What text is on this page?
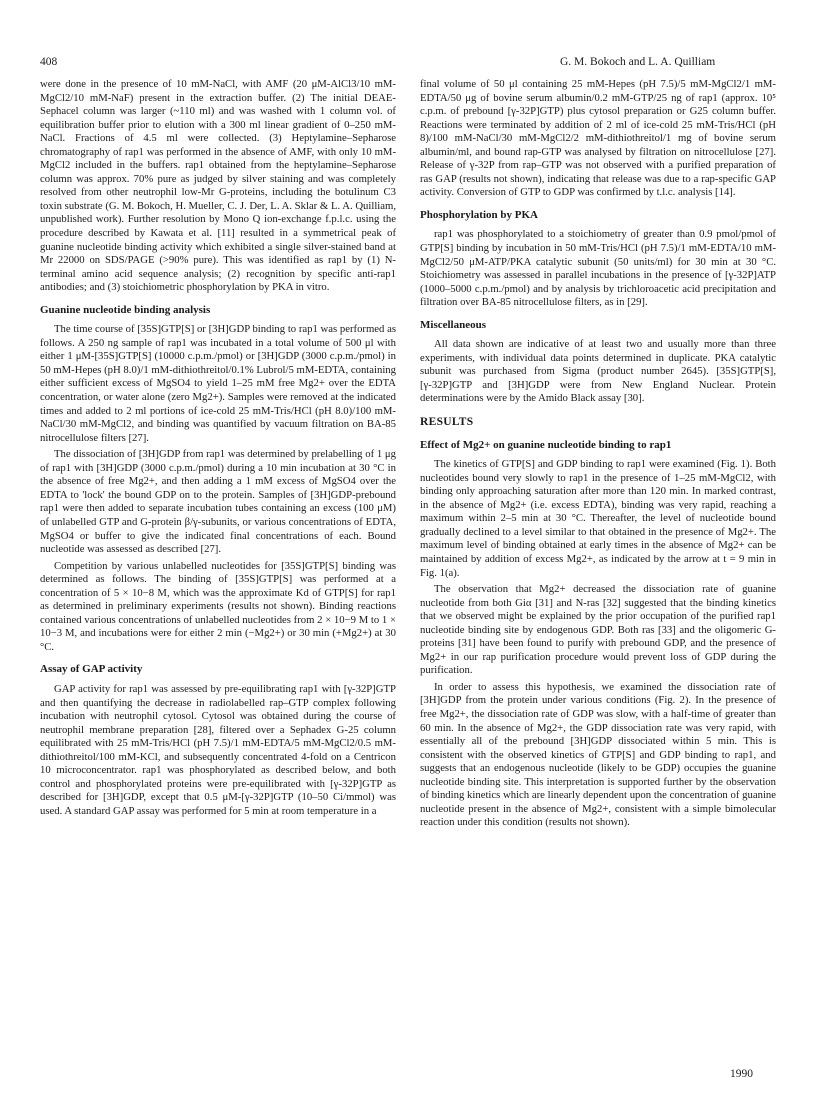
408	G. M. Bokoch and L. A. Quilliam

were done in the presence of 10 mM-NaCl, with AMF (20 μM-AlCl3/10 mM-MgCl2/10 mM-NaF) present in the extraction buffer. (2) The initial DEAE-Sephacel column was larger (~110 ml) and was washed with 1 column vol. of equilibration buffer prior to elution with a 300 ml linear gradient of 0–250 mM-NaCl. Fractions of 4.5 ml were collected. (3) Heptylamine–Sepharose chromatography of rap1 was performed in the absence of AMF, with only 10 mM-MgCl2 included in the buffers. rap1 obtained from the heptylamine–Sepharose column was approx. 70% pure as judged by silver staining and was completely resolved from other neutrophil low-Mr G-proteins, including the botulinum C3 toxin substrate (G. M. Bokoch, H. Mueller, C. J. Der, L. A. Sklar & L. A. Quilliam, unpublished work). Further resolution by Mono Q ion-exchange f.p.l.c. using the procedure described by Kawata et al. [11] resulted in a symmetrical peak of guanine nucleotide binding activity which exhibited a single silver-stained band at Mr 22000 on SDS/PAGE (>90% pure). This was identified as rap1 by (1) N-terminal amino acid sequence analysis; (2) recognition by specific anti-rap1 antibodies; and (3) stoichiometric phosphorylation by PKA in vitro.

Guanine nucleotide binding analysis

The time course of [35S]GTP[S] or [3H]GDP binding to rap1 was performed as follows. A 250 ng sample of rap1 was incubated in a total volume of 500 μl with either 1 μM-[35S]GTP[S] (10000 c.p.m./pmol) or [3H]GDP (3000 c.p.m./pmol) in 50 mM-Hepes (pH 8.0)/1 mM-dithiothreitol/0.1% Lubrol/5 mM-EDTA, containing either sufficient excess of MgSO4 to yield 1–25 mM free Mg2+ over the EDTA concentration, or water alone (zero Mg2+). Samples were removed at the indicated times and added to 2 ml portions of ice-cold 25 mM-Tris/HCl (pH 8.0)/100 mM-NaCl/30 mM-MgCl2, and binding was quantified by vacuum filtration on BA-85 nitrocellulose filters [27].

The dissociation of [3H]GDP from rap1 was determined by prelabelling of 1 μg of rap1 with [3H]GDP (3000 c.p.m./pmol) during a 10 min incubation at 30 °C in the absence of free Mg2+, and then adding a 1 mM excess of MgSO4 over the EDTA to 'lock' the bound GDP on to the protein. Samples of [3H]GDP-prebound rap1 were then added to separate incubation tubes containing an excess (100 μM) of unlabelled GTP and G-protein β/γ-subunits, or various concentrations of EDTA, MgSO4 or buffer to give the indicated final concentrations of each. Bound nucleotide was assessed as described [27].

Competition by various unlabelled nucleotides for [35S]GTP[S] binding was determined as follows. The binding of [35S]GTP[S] was performed at a concentration of 5 × 10−8 M, which was the approximate Kd of GTP[S] for rap1 as determined in preliminary experiments (results not shown). Binding reactions contained various concentrations of unlabelled nucleotides from 2 × 10−9 M to 1 × 10−3 M, and incubations were for either 2 min (−Mg2+) or 30 min (+Mg2+) at 30 °C.

Assay of GAP activity

GAP activity for rap1 was assessed by pre-equilibrating rap1 with [γ-32P]GTP and then quantifying the decrease in radiolabelled rap–GTP complex following incubation with neutrophil cytosol. Cytosol was obtained during the course of neutrophil membrane preparation [28], filtered over a Sephadex G-25 column equilibrated with 25 mM-Tris/HCl (pH 7.5)/1 mM-EDTA/5 mM-MgCl2/0.5 mM-dithiothreitol/100 mM-KCl, and subsequently concentrated 4-fold on a Centricon 10 microconcentrator. rap1 was phosphorylated as described below, and both control and phosphorylated proteins were pre-equilibrated with [γ-32P]GTP as described for [3H]GDP, except that 0.5 μM-[γ-32P]GTP (10–50 Ci/mmol) was used. A standard GAP assay was performed for 5 min at room temperature in a

final volume of 50 μl containing 25 mM-Hepes (pH 7.5)/5 mM-MgCl2/1 mM-EDTA/50 μg of bovine serum albumin/0.2 mM-GTP/25 ng of rap1 (approx. 10⁵ c.p.m. of prebound [γ-32P]GTP) plus cytosol preparation or G25 column buffer. Reactions were terminated by addition of 2 ml of ice-cold 25 mM-Tris/HCl (pH 8)/100 mM-NaCl/30 mM-MgCl2/2 mM-dithiothreitol/1 mg of bovine serum albumin/ml, and bound rap-GTP was analysed by filtration on nitrocellulose [27]. Release of γ-32P from rap–GTP was not observed with a purified preparation of ras GAP (results not shown), indicating that release was due to a rap-specific GAP activity. Conversion of GTP to GDP was confirmed by t.l.c. analysis [14].

Phosphorylation by PKA

rap1 was phosphorylated to a stoichiometry of greater than 0.9 pmol/pmol of GTP[S] binding by incubation in 50 mM-Tris/HCl (pH 7.5)/1 mM-EDTA/10 mM-MgCl2/50 μM-ATP/PKA catalytic subunit (50 units/ml) for 30 min at 30 °C. Stoichiometry was assessed in parallel incubations in the presence of [γ-32P]ATP (1000–5000 c.p.m./pmol) and by analysis by trichloroacetic acid precipitation and filtration over BA-85 nitrocellulose filters, as in [29].

Miscellaneous

All data shown are indicative of at least two and usually more than three experiments, with individual data points determined in duplicate. PKA catalytic subunit was purchased from Sigma (product number 2645). [35S]GTP[S], [γ-32P]GTP and [3H]GDP were from New England Nuclear. Protein determinations were by the Amido Black assay [30].

RESULTS
Effect of Mg2+ on guanine nucleotide binding to rap1

The kinetics of GTP[S] and GDP binding to rap1 were examined (Fig. 1). Both nucleotides bound very slowly to rap1 in the presence of 1–25 mM-MgCl2, with binding only approaching saturation after more than 120 min. In marked contrast, in the absence of Mg2+ (i.e. excess EDTA), binding was very rapid, reaching a maximum within 2–5 min at 30 °C. Thereafter, the level of nucleotide bound gradually declined to a level similar to that obtained in the presence of Mg2+. The maximum level of binding obtained at early times in the absence of Mg2+ can be maintained by addition of excess Mg2+, as indicated by the arrow at t = 9 min in Fig. 1(a).

The observation that Mg2+ decreased the dissociation rate of guanine nucleotide from both Giα [31] and N-ras [32] suggested that the binding kinetics that we observed might be explained by the prior occupation of the purified rap1 nucleotide binding site by endogenous GDP. Both ras [33] and the oligomeric G-proteins [31] have been found to purify with prebound GDP, and the presence of Mg2+ in our rap purification procedure would prevent loss of GDP during the purification.

In order to assess this hypothesis, we examined the dissociation rate of [3H]GDP from the protein under various conditions (Fig. 2). In the presence of free Mg2+, the dissociation rate of GDP was slow, with a half-time of greater than 60 min. In the absence of Mg2+, the GDP dissociation rate was very rapid, with essentially all of the prebound [3H]GDP dissociated within 5 min. This is consistent with the observed kinetics of GTP[S] and GDP binding to rap1, and suggests that an endogenous nucleotide (likely to be GDP) occupies the guanine nucleotide binding site. This interpretation is supported further by the observation of binding kinetics which are linearly dependent upon the concentration of guanine nucleotide present in the absence of Mg2+, consistent with a simple bimolecular reaction under this condition (results not shown).

1990
